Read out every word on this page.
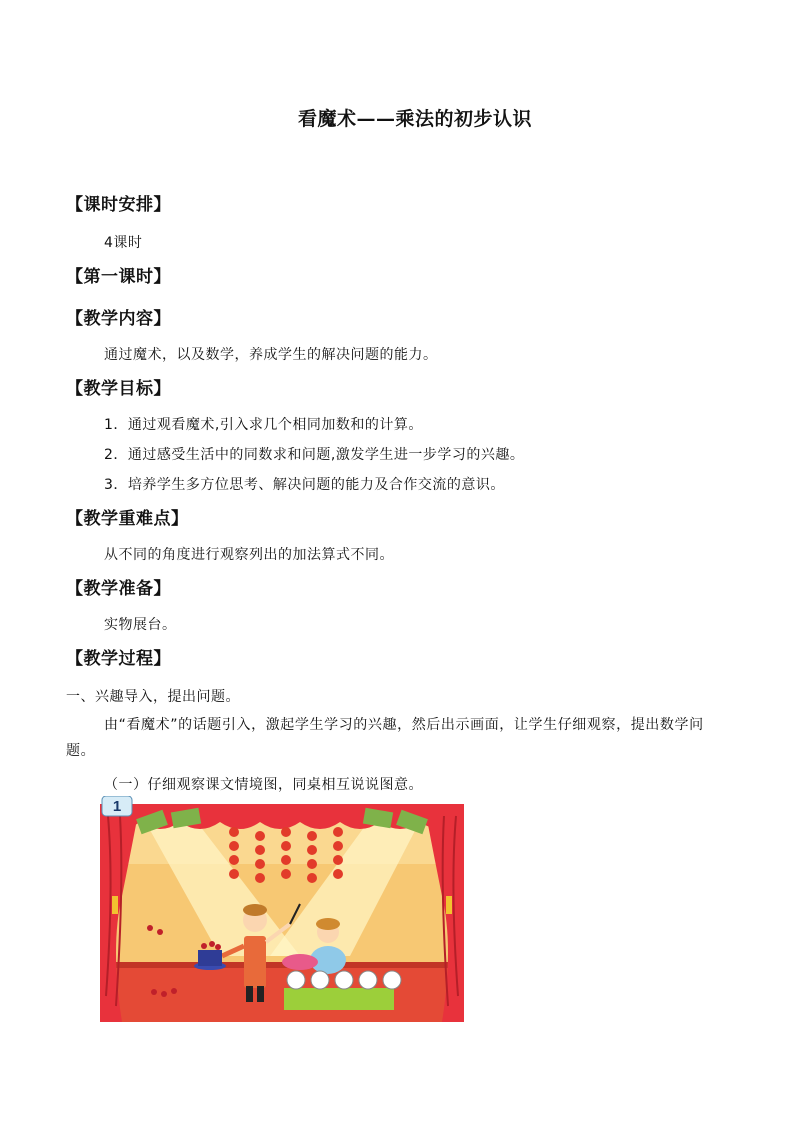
看魔术——乘法的初步认识
【课时安排】
4课时
【第一课时】
【教学内容】
通过魔术，以及数学，养成学生的解决问题的能力。
【教学目标】
1．通过观看魔术,引入求几个相同加数和的计算。
2．通过感受生活中的同数求和问题,激发学生进一步学习的兴趣。
3．培养学生多方位思考、解决问题的能力及合作交流的意识。
【教学重难点】
从不同的角度进行观察列出的加法算式不同。
【教学准备】
实物展台。
【教学过程】
一、兴趣导入，提出问题。
由“看魔术”的话题引入，激起学生学习的兴趣，然后出示画面，让学生仔细观察，提出数学问题。
（一）仔细观察课文情境图，同桌相互说说图意。
1
